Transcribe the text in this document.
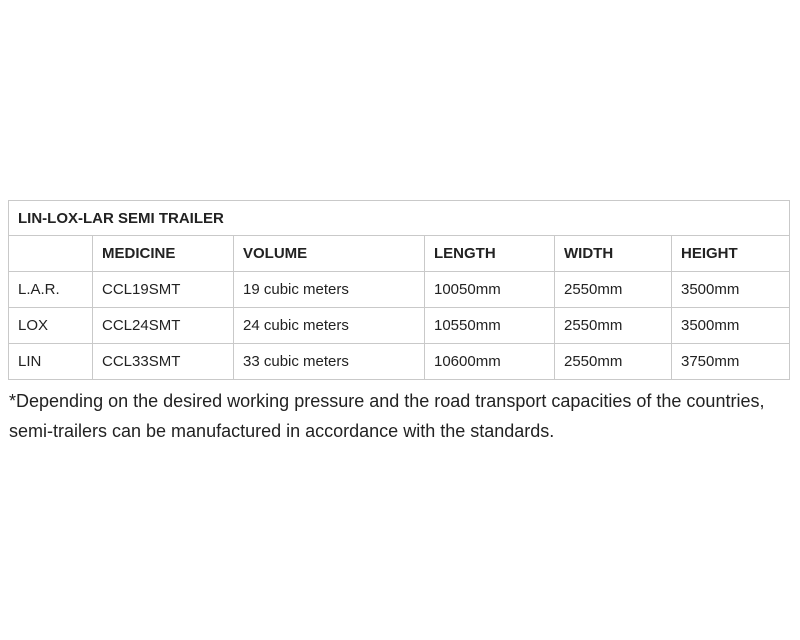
LIN-LOX-LAR SEMI TRAILER					
	MEDICINE	VOLUME	LENGTH	WIDTH	HEIGHT
L.A.R.	CCL19SMT	19 cubic meters	10050mm	2550mm	3500mm
LOX	CCL24SMT	24 cubic meters	10550mm	2550mm	3500mm
LIN	CCL33SMT	33 cubic meters	10600mm	2550mm	3750mm

*Depending on the desired working pressure and the road transport capacities of the countries, semi-trailers can be manufactured in accordance with the standards.
